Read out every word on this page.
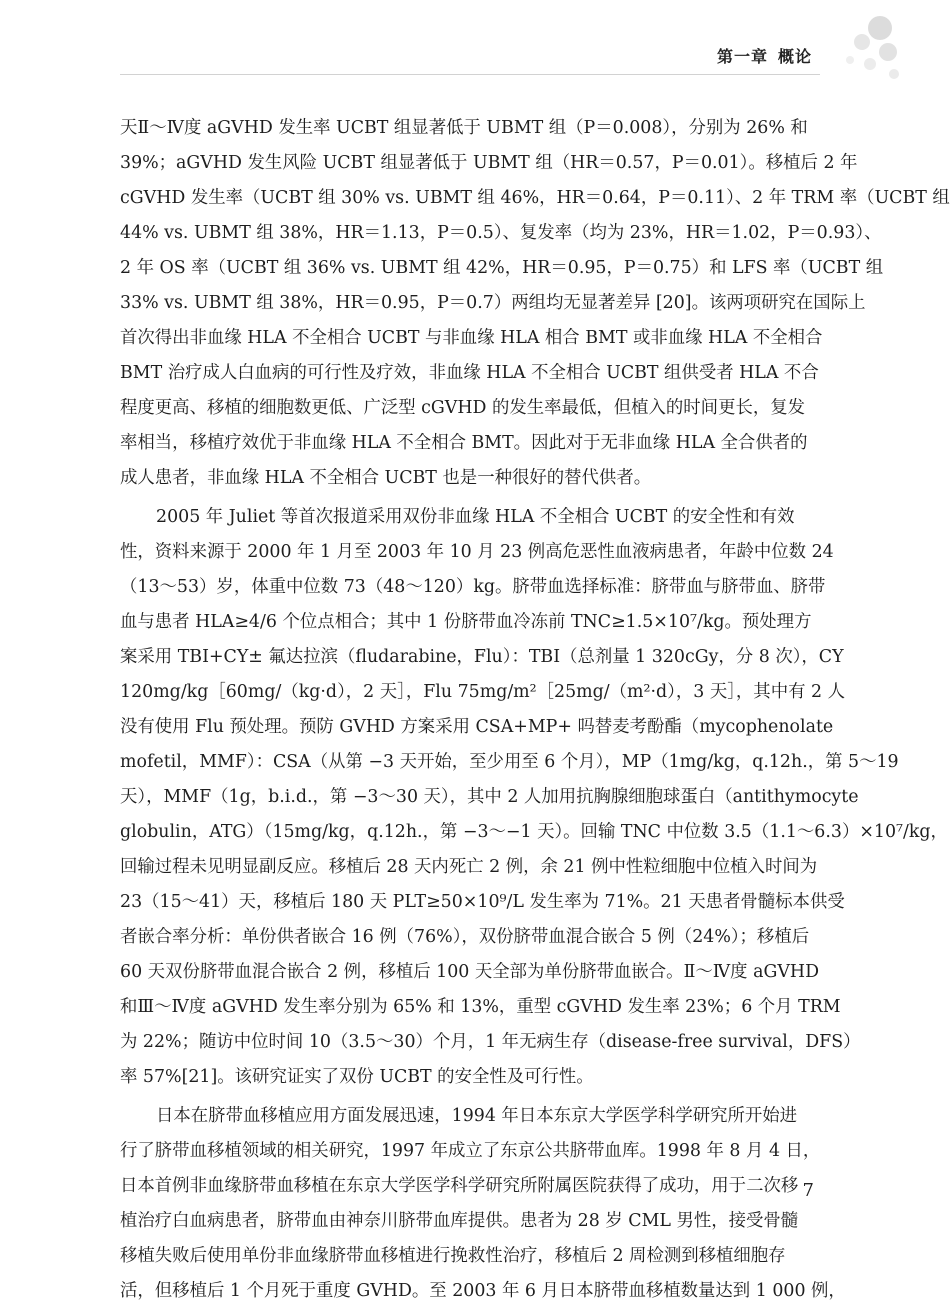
第一章 概论
天Ⅱ～Ⅳ度 aGVHD 发生率 UCBT 组显著低于 UBMT 组（P＝0.008），分别为 26% 和
39%；aGVHD 发生风险 UCBT 组显著低于 UBMT 组（HR＝0.57，P＝0.01）。移植后 2 年
cGVHD 发生率（UCBT 组 30% vs. UBMT 组 46%，HR＝0.64，P＝0.11）、2 年 TRM 率（UCBT 组
44% vs. UBMT 组 38%，HR＝1.13，P＝0.5）、复发率（均为 23%，HR＝1.02，P＝0.93）、
2 年 OS 率（UCBT 组 36% vs. UBMT 组 42%，HR＝0.95，P＝0.75）和 LFS 率（UCBT 组
33% vs. UBMT 组 38%，HR＝0.95，P＝0.7）两组均无显著差异 [20]。该两项研究在国际上
首次得出非血缘 HLA 不全相合 UCBT 与非血缘 HLA 相合 BMT 或非血缘 HLA 不全相合
BMT 治疗成人白血病的可行性及疗效，非血缘 HLA 不全相合 UCBT 组供受者 HLA 不合
程度更高、移植的细胞数更低、广泛型 cGVHD 的发生率最低，但植入的时间更长，复发
率相当，移植疗效优于非血缘 HLA 不全相合 BMT。因此对于无非血缘 HLA 全合供者的
成人患者，非血缘 HLA 不全相合 UCBT 也是一种很好的替代供者。
2005 年 Juliet 等首次报道采用双份非血缘 HLA 不全相合 UCBT 的安全性和有效
性，资料来源于 2000 年 1 月至 2003 年 10 月 23 例高危恶性血液病患者，年龄中位数 24
（13～53）岁，体重中位数 73（48～120）kg。脐带血选择标准：脐带血与脐带血、脐带
血与患者 HLA≥4/6 个位点相合；其中 1 份脐带血冷冻前 TNC≥1.5×10⁷/kg。预处理方
案采用 TBI+CY± 氟达拉滨（fludarabine，Flu）：TBI（总剂量 1 320cGy，分 8 次），CY
120mg/kg［60mg/（kg·d），2 天］，Flu 75mg/m²［25mg/（m²·d），3 天］，其中有 2 人
没有使用 Flu 预处理。预防 GVHD 方案采用 CSA+MP+ 吗替麦考酚酯（mycophenolate
mofetil，MMF）：CSA（从第 −3 天开始，至少用至 6 个月），MP（1mg/kg，q.12h.，第 5～19
天），MMF（1g，b.i.d.，第 −3～30 天），其中 2 人加用抗胸腺细胞球蛋白（antithymocyte
globulin，ATG）（15mg/kg，q.12h.，第 −3～−1 天）。回输 TNC 中位数 3.5（1.1～6.3）×10⁷/kg，
回输过程未见明显副反应。移植后 28 天内死亡 2 例，余 21 例中性粒细胞中位植入时间为
23（15～41）天，移植后 180 天 PLT≥50×10⁹/L 发生率为 71%。21 天患者骨髓标本供受
者嵌合率分析：单份供者嵌合 16 例（76%），双份脐带血混合嵌合 5 例（24%）；移植后
60 天双份脐带血混合嵌合 2 例，移植后 100 天全部为单份脐带血嵌合。Ⅱ～Ⅳ度 aGVHD
和Ⅲ～Ⅳ度 aGVHD 发生率分别为 65% 和 13%，重型 cGVHD 发生率 23%；6 个月 TRM
为 22%；随访中位时间 10（3.5～30）个月，1 年无病生存（disease-free survival，DFS）
率 57%[21]。该研究证实了双份 UCBT 的安全性及可行性。
日本在脐带血移植应用方面发展迅速，1994 年日本东京大学医学科学研究所开始进
行了脐带血移植领域的相关研究，1997 年成立了东京公共脐带血库。1998 年 8 月 4 日，
日本首例非血缘脐带血移植在东京大学医学科学研究所附属医院获得了成功，用于二次移
植治疗白血病患者，脐带血由神奈川脐带血库提供。患者为 28 岁 CML 男性，接受骨髓
移植失败后使用单份非血缘脐带血移植进行挽救性治疗，移植后 2 周检测到移植细胞存
活，但移植后 1 个月死于重度 GVHD。至 2003 年 6 月日本脐带血移植数量达到 1 000 例，
7
